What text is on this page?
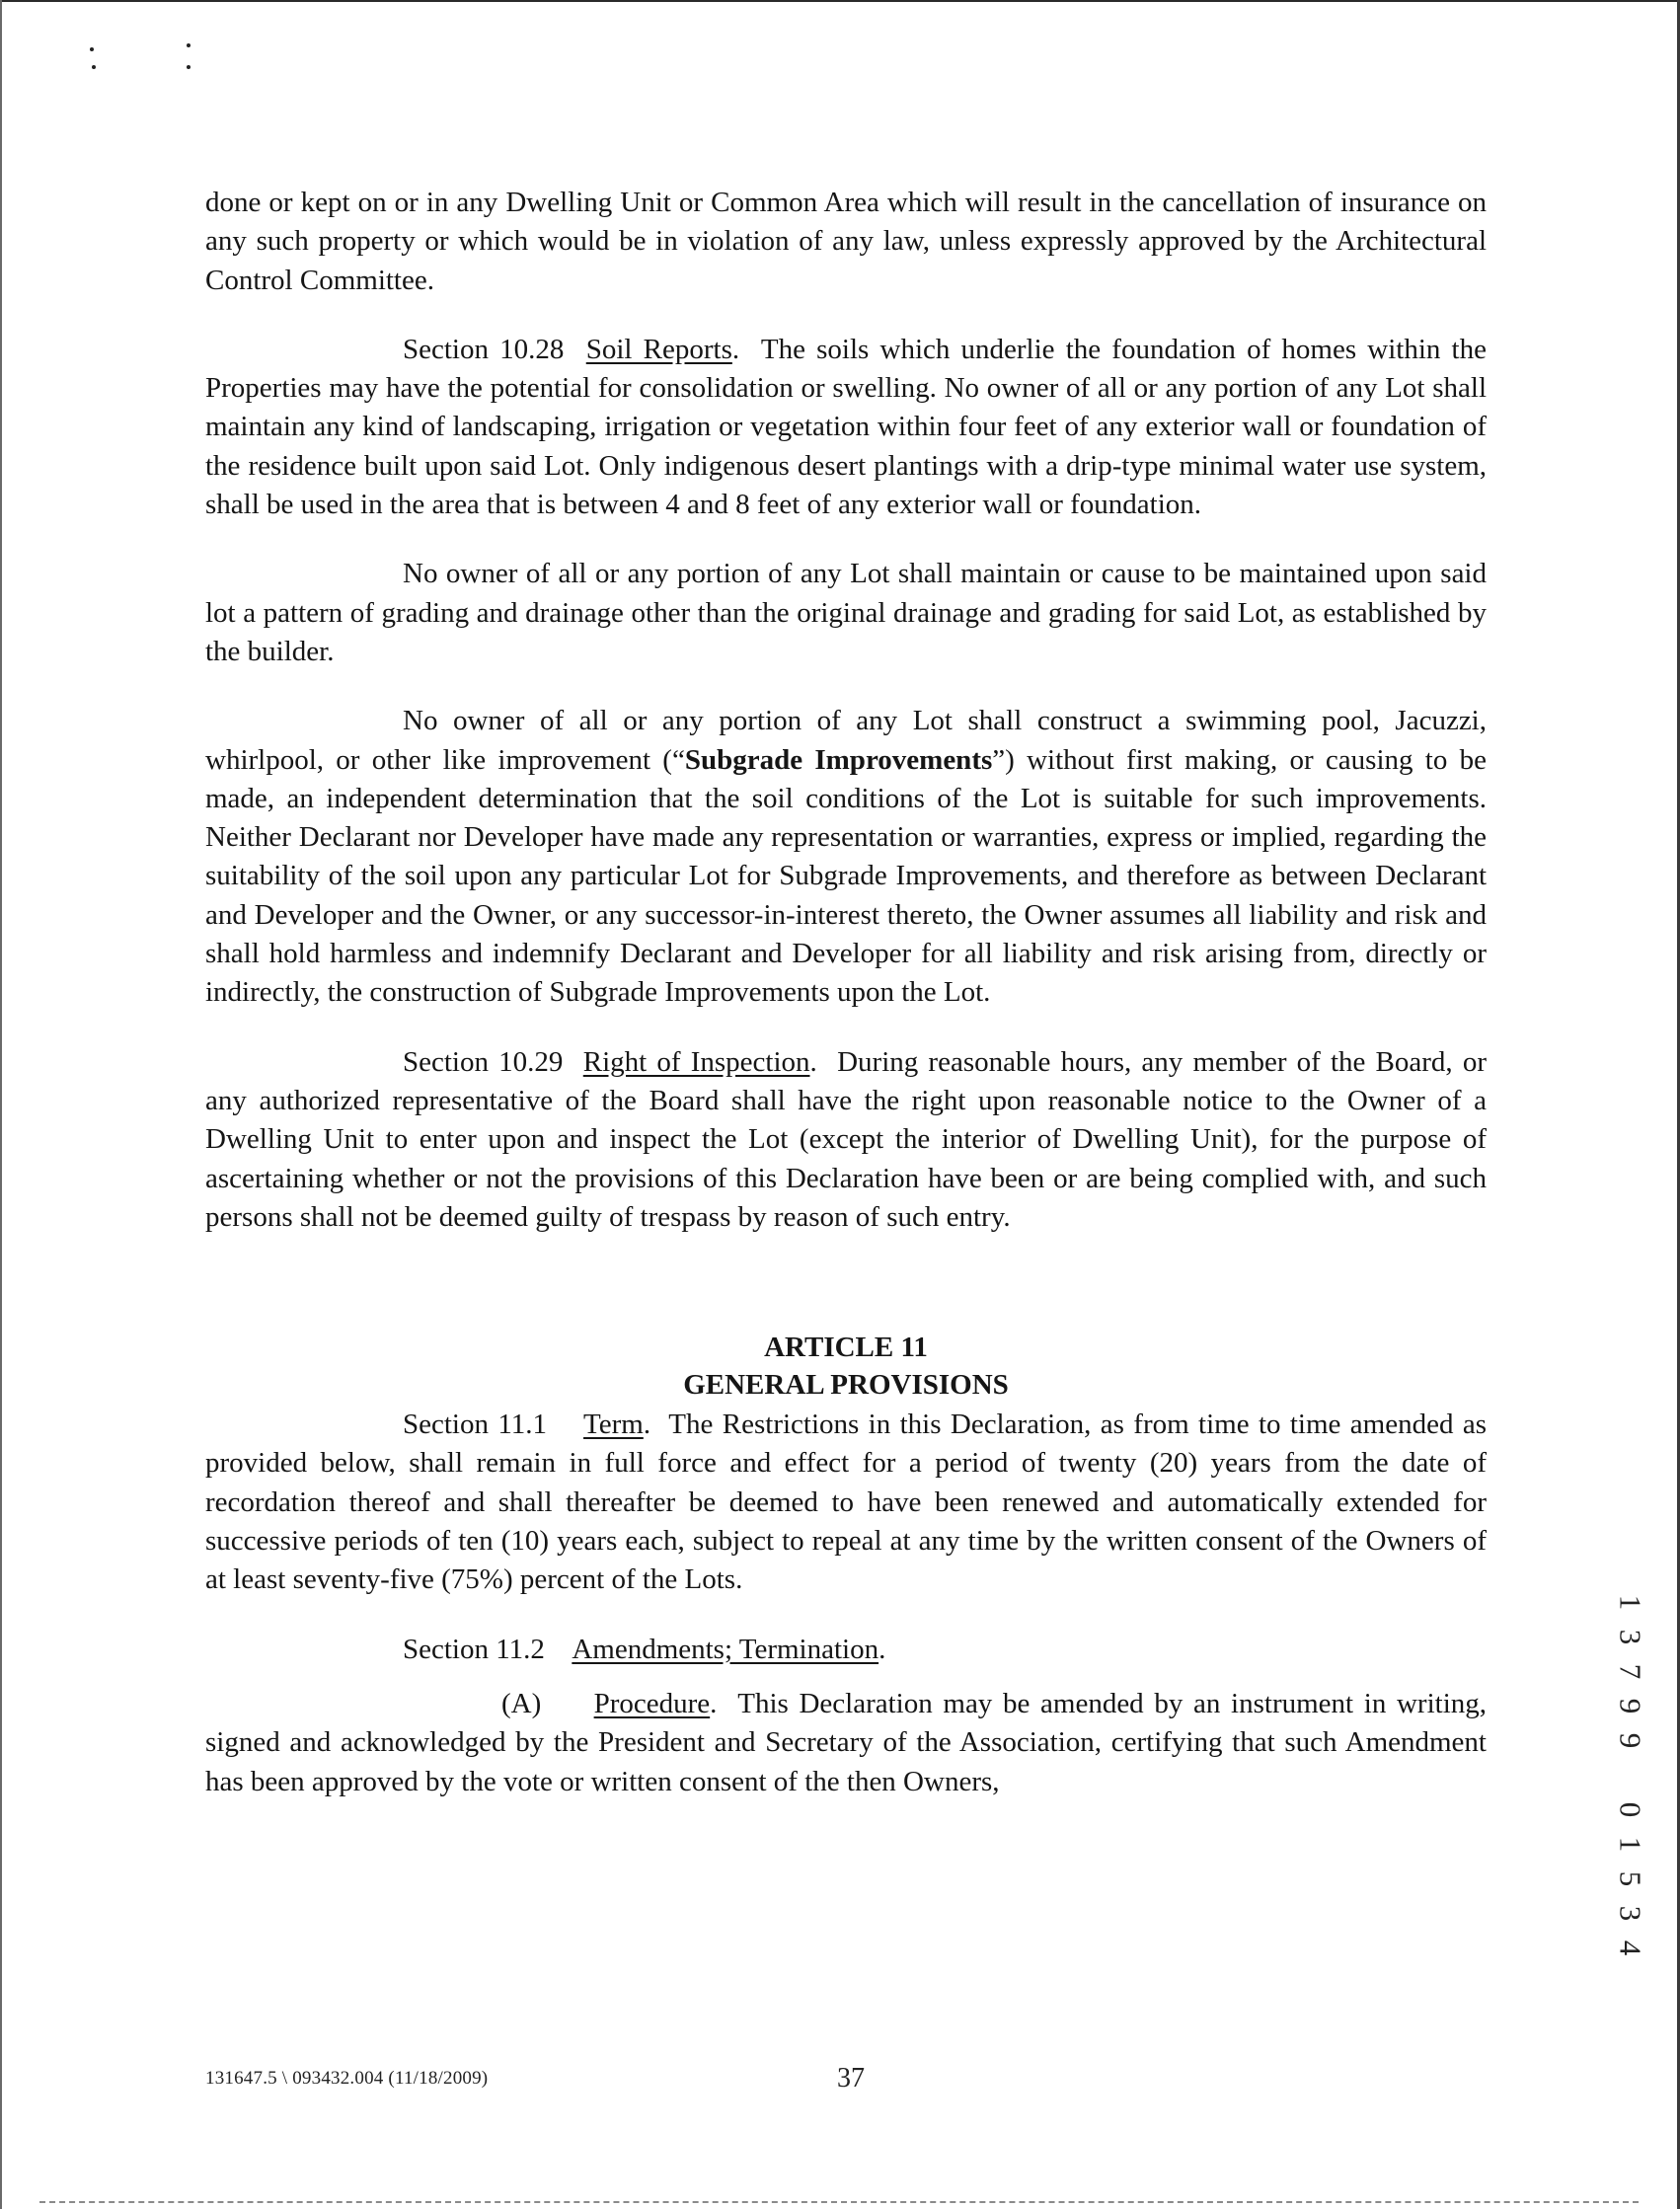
done or kept on or in any Dwelling Unit or Common Area which will result in the cancellation of insurance on any such property or which would be in violation of any law, unless expressly approved by the Architectural Control Committee.

Section 10.28 Soil Reports.  The soils which underlie the foundation of homes within the Properties may have the potential for consolidation or swelling. No owner of all or any portion of any Lot shall maintain any kind of landscaping, irrigation or vegetation within four feet of any exterior wall or foundation of the residence built upon said Lot. Only indigenous desert plantings with a drip-type minimal water use system, shall be used in the area that is between 4 and 8 feet of any exterior wall or foundation.

No owner of all or any portion of any Lot shall maintain or cause to be maintained upon said lot a pattern of grading and drainage other than the original drainage and grading for said Lot, as established by the builder.

No owner of all or any portion of any Lot shall construct a swimming pool, Jacuzzi, whirlpool, or other like improvement (“Subgrade Improvements”) without first making, or causing to be made, an independent determination that the soil conditions of the Lot is suitable for such improvements. Neither Declarant nor Developer have made any representation or warranties, express or implied, regarding the suitability of the soil upon any particular Lot for Subgrade Improvements, and therefore as between Declarant and Developer and the Owner, or any successor-in-interest thereto, the Owner assumes all liability and risk and shall hold harmless and indemnify Declarant and Developer for all liability and risk arising from, directly or indirectly, the construction of Subgrade Improvements upon the Lot.

Section 10.29 Right of Inspection.  During reasonable hours, any member of the Board, or any authorized representative of the Board shall have the right upon reasonable notice to the Owner of a Dwelling Unit to enter upon and inspect the Lot (except the interior of Dwelling Unit), for the purpose of ascertaining whether or not the provisions of this Declaration have been or are being complied with, and such persons shall not be deemed guilty of trespass by reason of such entry.

ARTICLE 11
GENERAL PROVISIONS

Section 11.1 Term.  The Restrictions in this Declaration, as from time to time amended as provided below, shall remain in full force and effect for a period of twenty (20) years from the date of recordation thereof and shall thereafter be deemed to have been renewed and automatically extended for successive periods of ten (10) years each, subject to repeal at any time by the written consent of the Owners of at least seventy-five (75%) percent of the Lots.

Section 11.2 Amendments; Termination.

(A) Procedure.  This Declaration may be amended by an instrument in writing, signed and acknowledged by the President and Secretary of the Association, certifying that such Amendment has been approved by the vote or written consent of the then Owners,

1
3
7
9
9

0
1
5
3
4
131647.5 \ 093432.004 (11/18/2009)	37
